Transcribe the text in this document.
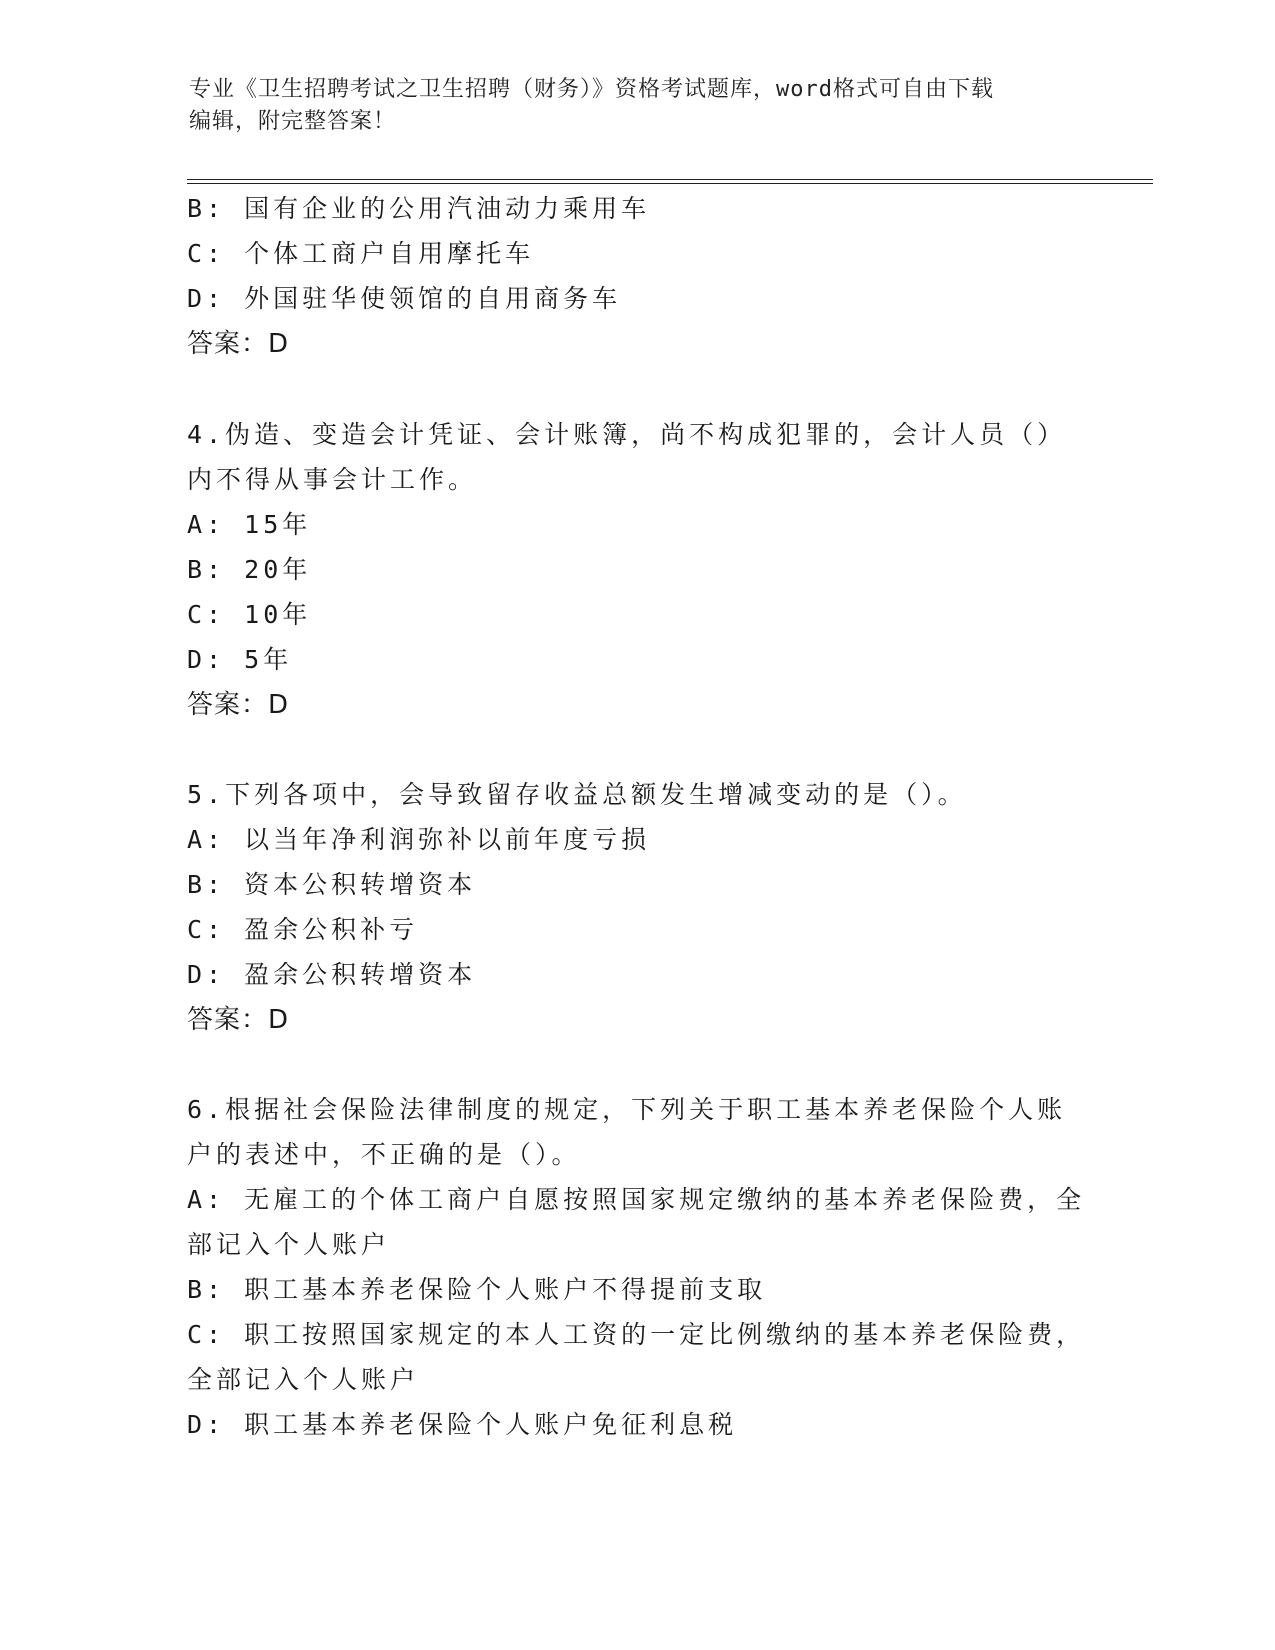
专业《卫生招聘考试之卫生招聘（财务）》资格考试题库，word格式可自由下载
编辑，附完整答案！
B: 国有企业的公用汽油动力乘用车
C: 个体工商户自用摩托车
D: 外国驻华使领馆的自用商务车
答案：D
4.伪造、变造会计凭证、会计账簿，尚不构成犯罪的，会计人员（）
内不得从事会计工作。
A: 15年
B: 20年
C: 10年
D: 5年
答案：D
5.下列各项中，会导致留存收益总额发生增减变动的是（）。
A: 以当年净利润弥补以前年度亏损
B: 资本公积转增资本
C: 盈余公积补亏
D: 盈余公积转增资本
答案：D
6.根据社会保险法律制度的规定，下列关于职工基本养老保险个人账
户的表述中，不正确的是（）。
A: 无雇工的个体工商户自愿按照国家规定缴纳的基本养老保险费，全
部记入个人账户
B: 职工基本养老保险个人账户不得提前支取
C: 职工按照国家规定的本人工资的一定比例缴纳的基本养老保险费，
全部记入个人账户
D: 职工基本养老保险个人账户免征利息税
